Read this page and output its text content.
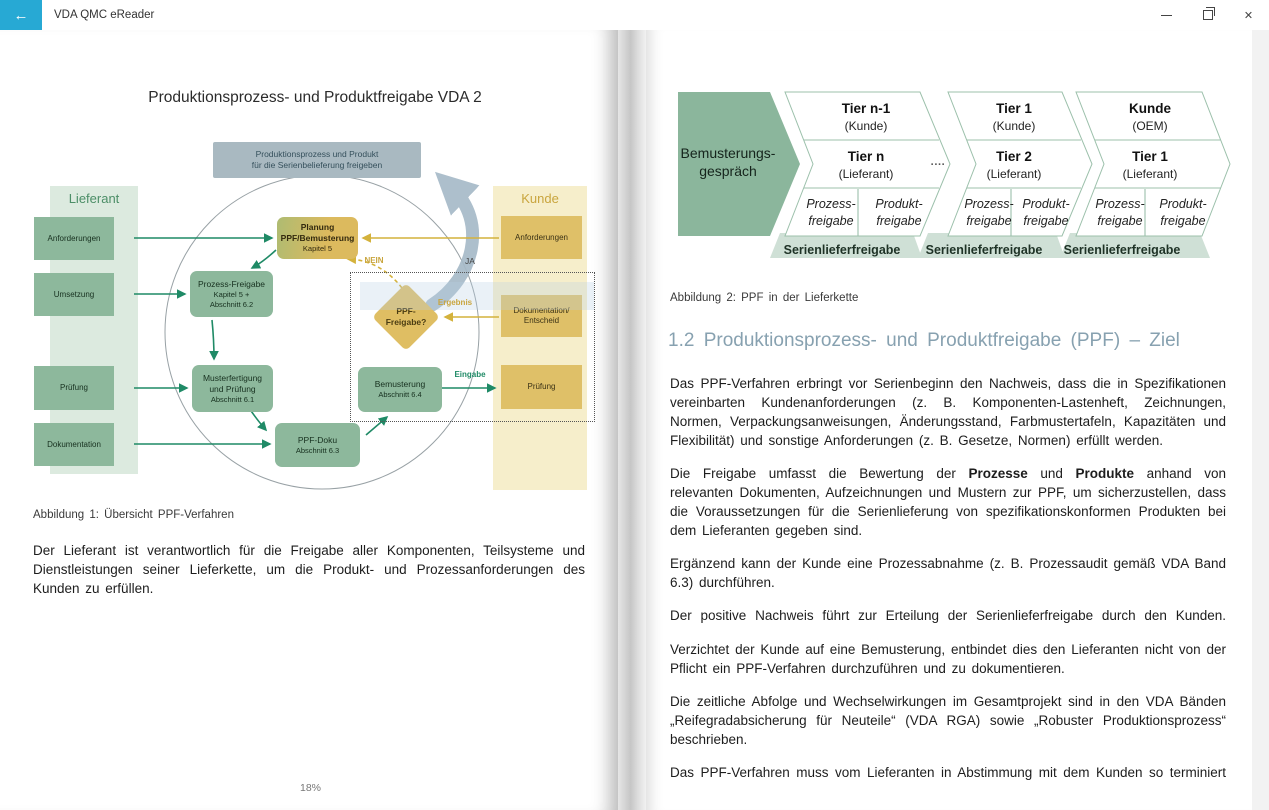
← VDA QMC eReader	✕
Produktionsprozess- und Produktfreigabe VDA 2
Lieferant	Kunde
Anforderungen
Umsetzung
Prüfung
Dokumentation
Anforderungen
Dokumentation/
Entscheid
Prüfung
Produktionsprozess und Produkt
für die Serienbelieferung freigeben
Planung
PPF/Bemusterung
Kapitel 5
Prozess-Freigabe
Kapitel 5 +
Abschnitt 6.2
Musterfertigung
und Prüfung
Abschnitt 6.1
Bemusterung
Abschnitt 6.4
PPF-Doku
Abschnitt 6.3
PPF-
Freigabe?
NEIN	JA
Ergebnis
Eingabe
Abbildung 1: Übersicht PPF-Verfahren
Der Lieferant ist verantwortlich für die Freigabe aller Komponenten, Teilsysteme und Dienstleistungen seiner Lieferkette, um die Produkt- und Prozessanforderungen des Kunden zu erfüllen.
18%
Bemusterungs-
gespräch	····
Tier n-1
(Kunde)
Tier n
(Lieferant)
Prozess-
freigabe
Produkt-
freigabe
Serienlieferfreigabe
Tier 1
(Kunde)
Tier 2
(Lieferant)
Prozess-
freigabe
Produkt-
freigabe
Serienlieferfreigabe
Kunde
(OEM)
Tier 1
(Lieferant)
Prozess-
freigabe
Produkt-
freigabe
Serienlieferfreigabe
Abbildung 2: PPF in der Lieferkette
1.2 Produktionsprozess- und Produktfreigabe (PPF) – Ziel

Das PPF-Verfahren erbringt vor Serienbeginn den Nachweis, dass die in Spezifikationen vereinbarten Kundenanforderungen (z. B. Komponenten-Lastenheft, Zeichnungen, Normen, Verpackungsanweisungen, Änderungsstand, Farbmustertafeln, Kapazitäten und Flexibilität) und sonstige Anforderungen (z. B. Gesetze, Normen) erfüllt werden.

Die Freigabe umfasst die Bewertung der Prozesse und Produkte anhand von relevanten Dokumenten, Aufzeichnungen und Mustern zur PPF, um sicherzustellen, dass die Voraussetzungen für die Serienlieferung von spezifikationskonformen Produkten bei dem Lieferanten gegeben sind.

Ergänzend kann der Kunde eine Prozessabnahme (z. B. Prozessaudit gemäß VDA Band 6.3) durchführen.

Der positive Nachweis führt zur Erteilung der Serienlieferfreigabe durch den Kunden.

Verzichtet der Kunde auf eine Bemusterung, entbindet dies den Lieferanten nicht von der Pflicht ein PPF-Verfahren durchzuführen und zu dokumentieren.

Die zeitliche Abfolge und Wechselwirkungen im Gesamtprojekt sind in den VDA Bänden „Reifegradabsicherung für Neuteile“ (VDA RGA) sowie „Robuster Produktionsprozess“ beschrieben.

Das PPF-Verfahren muss vom Lieferanten in Abstimmung mit dem Kunden so terminiert
